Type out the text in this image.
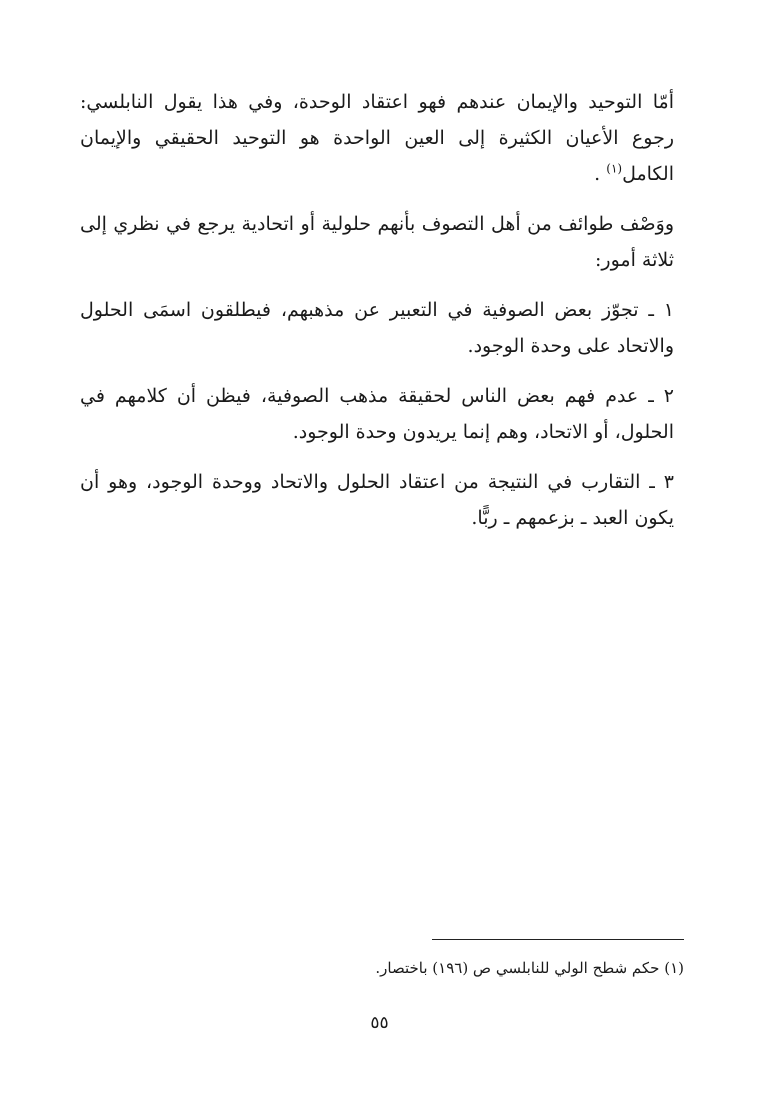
أمّا التوحيد والإيمان عندهم فهو اعتقاد الوحدة، وفي هذا يقول النابلسي: رجوع الأعيان الكثيرة إلى العين الواحدة هو التوحيد الحقيقي والإيمان الكامل$^{(١)}$ .

ووَصْف طوائف من أهل التصوف بأنهم حلولية أو اتحادية يرجع في نظري إلى ثلاثة أمور:

١ ـ تجوّز بعض الصوفية في التعبير عن مذهبهم، فيطلقون اسمَى الحلول والاتحاد على وحدة الوجود.

٢ ـ عدم فهم بعض الناس لحقيقة مذهب الصوفية، فيظن أن كلامهم في الحلول، أو الاتحاد، وهم إنما يريدون وحدة الوجود.

٣ ـ التقارب في النتيجة من اعتقاد الحلول والاتحاد ووحدة الوجود، وهو أن يكون العبد ـ بزعمهم ـ ربًّا.

(١) حكم شطح الولي للنابلسي ص (١٩٦) باختصار.
٥٥
